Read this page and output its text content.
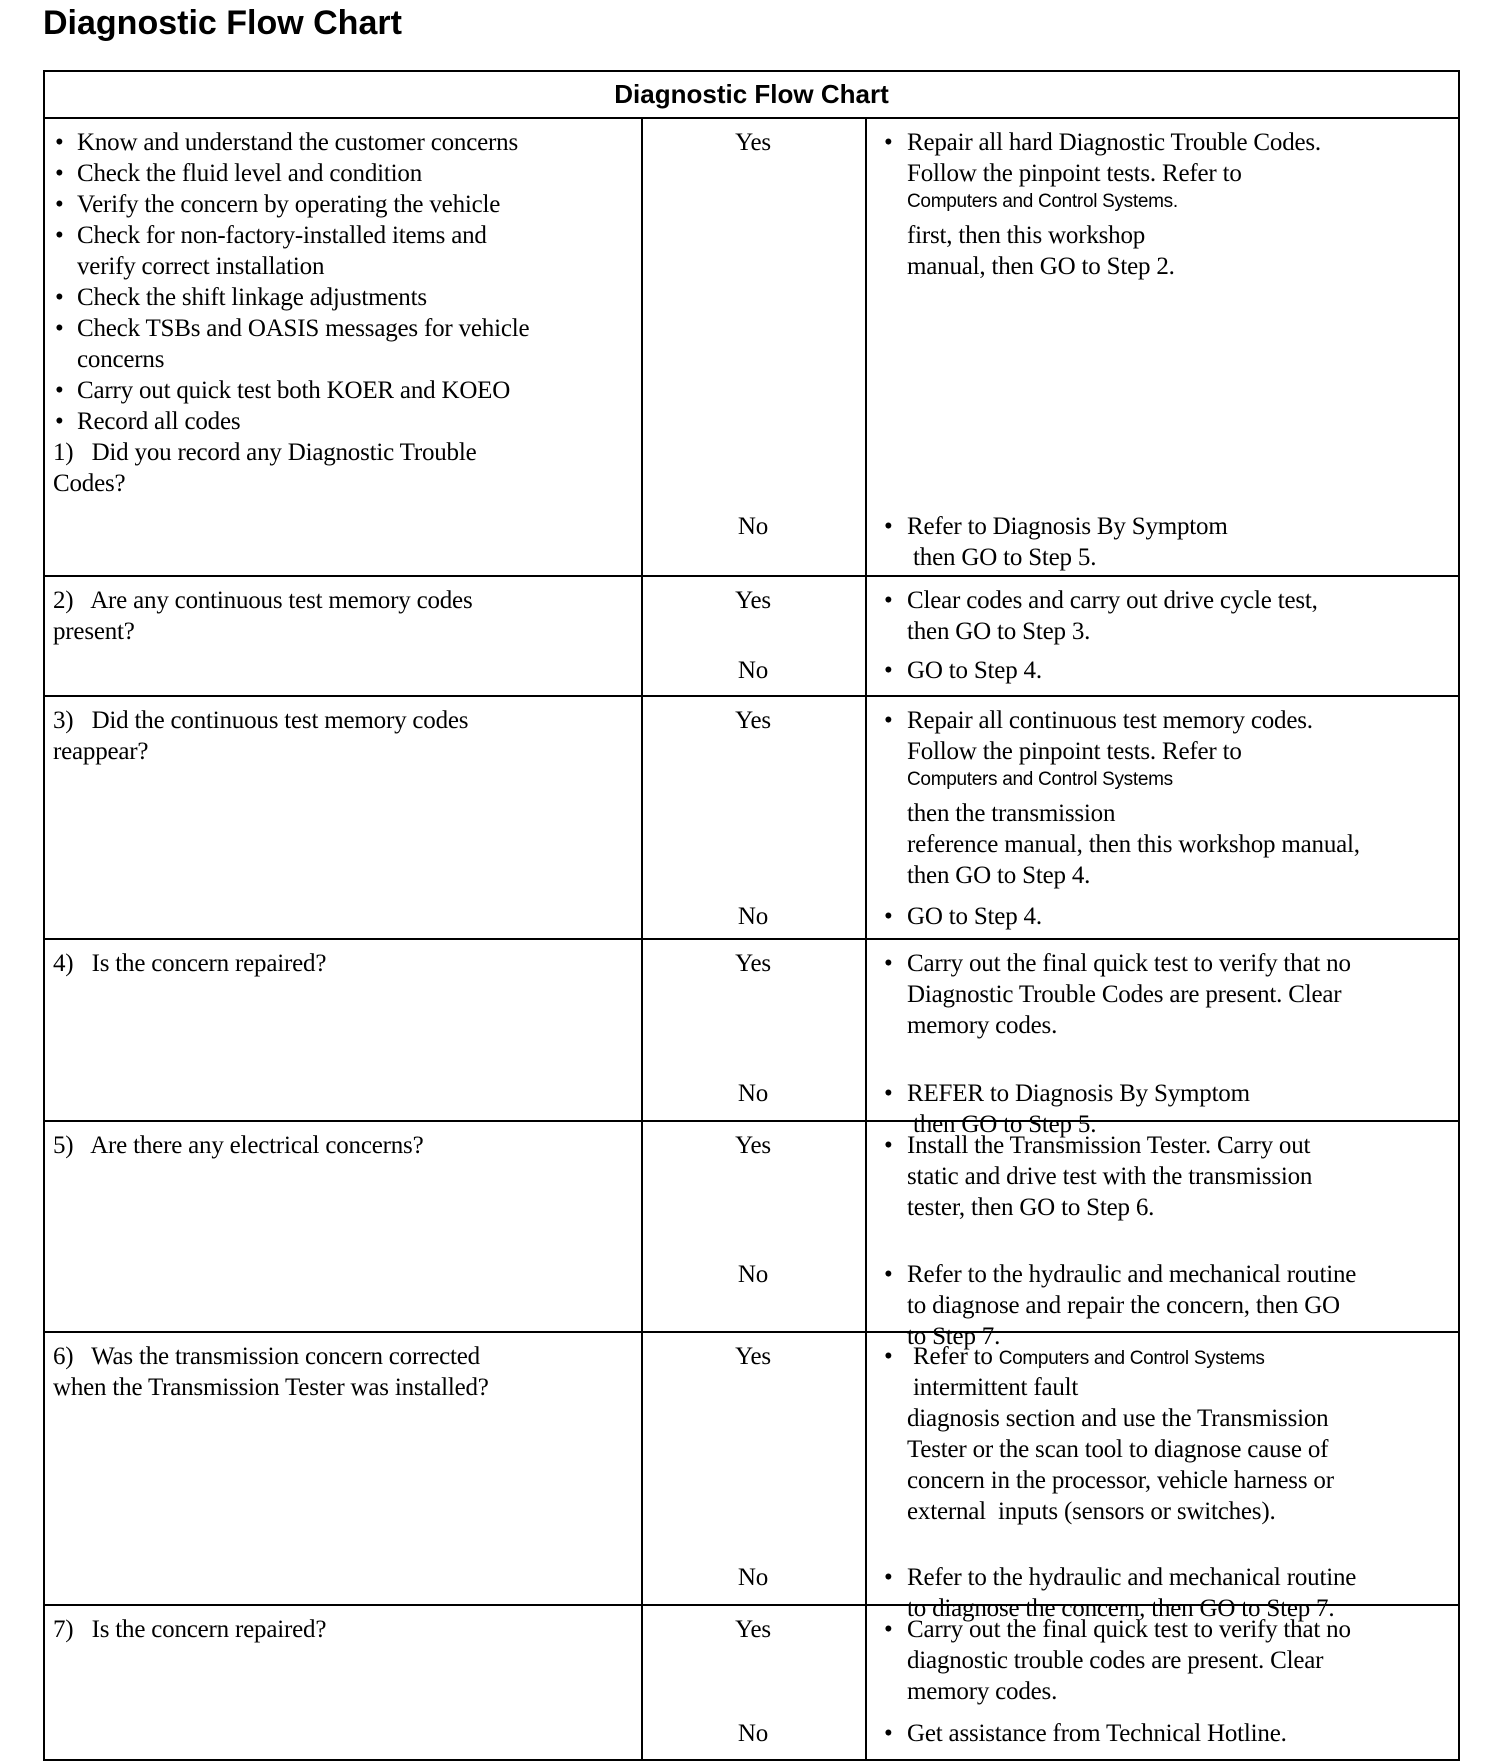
Diagnostic Flow Chart
Diagnostic Flow Chart
• Know and understand the customer concerns
• Check the fluid level and condition
• Verify the concern by operating the vehicle
• Check for non-factory-installed items and
verify correct installation
• Check the shift linkage adjustments
• Check TSBs and OASIS messages for vehicle
concerns
• Carry out quick test both KOER and KOEO
• Record all codes
1)   Did you record any Diagnostic Trouble
Codes?
Yes	Repair all hard Diagnostic Trouble Codes.
•
Follow the pinpoint tests. Refer to
Computers and Control Systems.
first, then this workshop
manual, then GO to Step 2.
No	Refer to Diagnosis By Symptom
•
then GO to Step 5.
2)   Are any continuous test memory codes
present?
Yes	Clear codes and carry out drive cycle test,
•
then GO to Step 3.
No	GO to Step 4.
•
3)   Did the continuous test memory codes
reappear?
Yes	Repair all continuous test memory codes.
•
Follow the pinpoint tests. Refer to
Computers and Control Systems
then the transmission
reference manual, then this workshop manual,
then GO to Step 4.
No	GO to Step 4.
•
4)   Is the concern repaired?	Yes	Carry out the final quick test to verify that no
•
Diagnostic Trouble Codes are present. Clear
memory codes.
No	REFER to Diagnosis By Symptom
•
then GO to Step 5.
5)   Are there any electrical concerns?	Yes	Install the Transmission Tester. Carry out
•
static and drive test with the transmission
tester, then GO to Step 6.
No	Refer to the hydraulic and mechanical routine
•
to diagnose and repair the concern, then GO
to Step 7.
6)   Was the transmission concern corrected
when the Transmission Tester was installed?
Yes	Refer to Computers and Control Systems
•
intermittent fault
diagnosis section and use the Transmission
Tester or the scan tool to diagnose cause of
concern in the processor, vehicle harness or
external  inputs (sensors or switches).
No	Refer to the hydraulic and mechanical routine
•
to diagnose the concern, then GO to Step 7.
7)   Is the concern repaired?	Yes	Carry out the final quick test to verify that no
•
diagnostic trouble codes are present. Clear
memory codes.
No	Get assistance from Technical Hotline.
•
